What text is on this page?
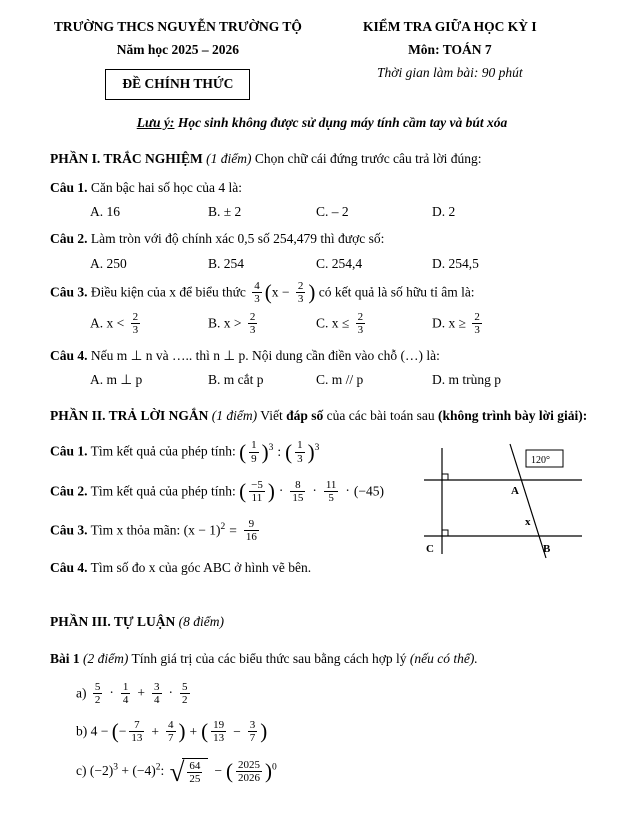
TRƯỜNG THCS NGUYỄN TRƯỜNG TỘ
Năm học 2025 – 2026
ĐỀ CHÍNH THỨC
KIỂM TRA GIỮA HỌC KỲ I
Môn: TOÁN 7
Thời gian làm bài: 90 phút
Lưu ý: Học sinh không được sử dụng máy tính cầm tay và bút xóa
PHẦN I. TRẮC NGHIỆM (1 điểm) Chọn chữ cái đứng trước câu trả lời đúng:
Câu 1. Căn bậc hai số học của 4 là:
A. 16	B. ± 2	C. – 2	D. 2
Câu 2. Làm tròn với độ chính xác 0,5 số 254,479 thì được số:
A. 250	B. 254	C. 254,4	D. 254,5
Câu 3. Điều kiện của x để biểu thức $\frac{4}{3} (x - \frac{2}{3}$ ) có kết quả là số hữu tỉ âm là:
A. $x < \frac{2}{3}$	B. $x > \frac{2}{3}$	C. $x \le \frac{2}{3}$	D. $x \ge \frac{2}{3}$
Câu 4. Nếu m ⊥ n và ….. thì n ⊥ p. Nội dung cần điền vào chỗ (…) là:
A. m ⊥ p	B. m cắt p	C. m // p	D. m trùng p
PHẦN II. TRẢ LỜI NGẮN (1 điểm) Viết đáp số của các bài toán sau (không trình bày lời giải):
Câu 1. Tìm kết quả của phép tính: ( $\frac{1}{9} )^3$ : ( $\frac{1}{3} )^3$
Câu 2. Tìm kết quả của phép tính: ( $\frac{-5}{11}$ ) · $\frac{8}{15} \cdot \frac{11}{5} \cdot (-45)$
Câu 3. Tìm x thỏa mãn: $(x - 1)^2 = \frac{9}{16}$
Câu 4. Tìm số đo x của góc ABC ở hình vẽ bên.
120°
A
x
C	B
PHẦN III. TỰ LUẬN (8 điểm)
Bài 1 (2 điểm) Tính giá trị của các biểu thức sau bằng cách hợp lý (nếu có thể).
$a) \frac{5}{2} \cdot \frac{1}{4} + \frac{3}{4} \cdot \frac{5}{2}$
b) 4 − (− $\frac{7}{13} + \frac{4}{7}$ ) + ( $\frac{19}{13} - \frac{3}{7}$ )
c) $(-2)^3 + (-4)^2$: √ $\frac{64}{25}$ − ( $\frac{2025}{2026} )^0$
